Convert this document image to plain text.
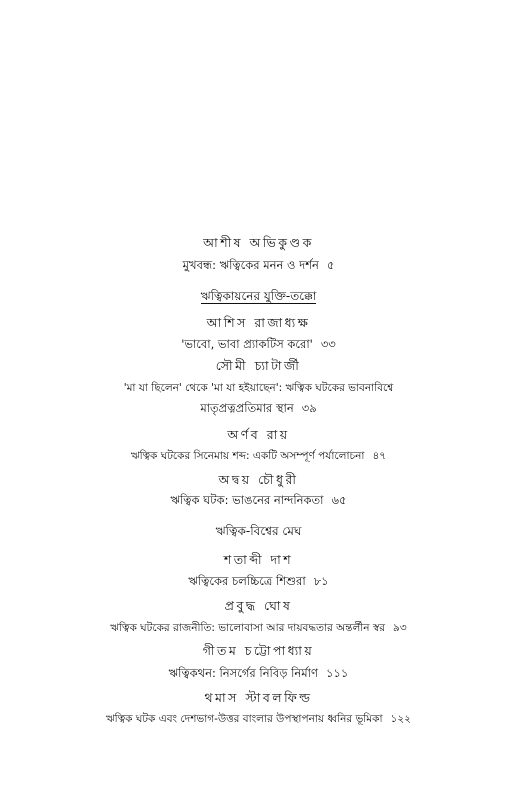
আশীষ অভিকুণ্ডক
মুখবন্ধ: ঋত্বিকের মনন ও দর্শন ৫
ঋত্বিকায়নের যুক্তি-তক্কো
আশিস রাজাধ্যক্ষ
'ভাবো, ভাবা প্র্যাকটিস করো' ৩৩
সৌমী চ্যাটার্জী
'মা যা ছিলেন' থেকে 'মা যা হইয়াছেন': ঋত্বিক ঘটকের ভাবনাবিশ্বে
মাতৃপ্রত্নপ্রতিমার স্থান ৩৯
অর্ণব রায়
ঋত্বিক ঘটকের সিনেমায় শব্দ: একটি অসম্পূর্ণ পর্যালোচনা ৪৭
অদ্বয় চৌধুরী
ঋত্বিক ঘটক: ভাঙনের নান্দনিকতা ৬৫
ঋত্বিক-বিশ্বের মেঘ
শতাব্দী দাশ
ঋত্বিকের চলচ্চিত্রে শিশুরা ৮১
প্রবুদ্ধ ঘোষ
ঋত্বিক ঘটকের রাজনীতি: ভালোবাসা আর দায়বদ্ধতার অন্তর্লীন স্বর ৯৩
গীতম চট্টোপাধ্যায়
ঋত্বিকথন: নিসর্গের নিবিড় নির্মাণ ১১১
থমাস স্টাবলফিল্ড
ঋত্বিক ঘটক এবং দেশভাগ-উত্তর বাংলার উপস্থাপনায় ধ্বনির ভূমিকা ১২২
